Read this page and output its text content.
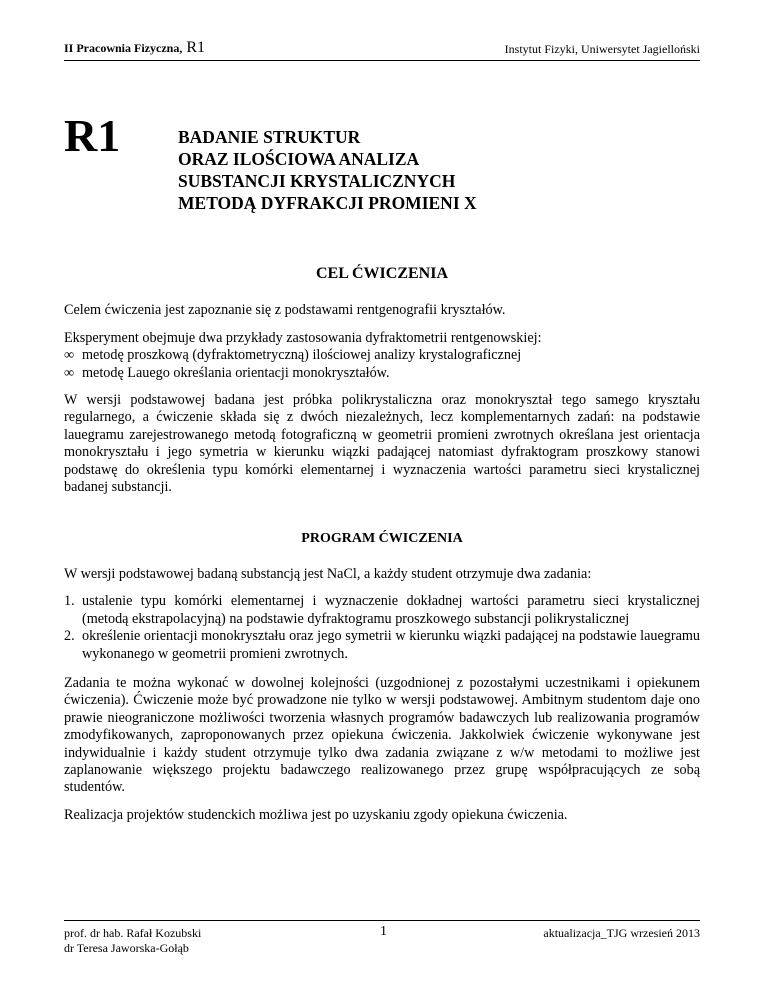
II Pracownia Fizyczna, R1	Instytut Fizyki, Uniwersytet Jagielloński
R1	BADANIE STRUKTUR
ORAZ ILOŚCIOWA ANALIZA
SUBSTANCJI KRYSTALICZNYCH
METODĄ DYFRAKCJI PROMIENI X
CEL ĆWICZENIA

Celem ćwiczenia jest zapoznanie się z podstawami rentgenografii kryształów.

Eksperyment obejmuje dwa przykłady zastosowania dyfraktometrii rentgenowskiej:
∞ metodę proszkową (dyfraktometryczną) ilościowej analizy krystalograficznej
∞ metodę Lauego określania orientacji monokryształów.

W wersji podstawowej badana jest próbka polikrystaliczna oraz monokryształ tego samego kryształu regularnego, a ćwiczenie składa się z dwóch niezależnych, lecz komplementarnych zadań: na podstawie lauegramu zarejestrowanego metodą fotograficzną w geometrii promieni zwrotnych określana jest orientacja monokryształu i jego symetria w kierunku wiązki padającej natomiast dyfraktogram proszkowy stanowi podstawę do określenia typu komórki elementarnej i wyznaczenia wartości parametru sieci krystalicznej badanej substancji.

PROGRAM ĆWICZENIA

W wersji podstawowej badaną substancją jest NaCl, a każdy student otrzymuje dwa zadania:

1. ustalenie typu komórki elementarnej i wyznaczenie dokładnej wartości parametru sieci krystalicznej (metodą ekstrapolacyjną) na podstawie dyfraktogramu proszkowego substancji polikrystalicznej
2. określenie orientacji monokryształu oraz jego symetrii w kierunku wiązki padającej na podstawie lauegramu wykonanego w geometrii promieni zwrotnych.

Zadania te można wykonać w dowolnej kolejności (uzgodnionej z pozostałymi uczestnikami i opiekunem ćwiczenia). Ćwiczenie może być prowadzone nie tylko w wersji podstawowej. Ambitnym studentom daje ono prawie nieograniczone możliwości tworzenia własnych programów badawczych lub realizowania programów zmodyfikowanych, zaproponowanych przez opiekuna ćwiczenia. Jakkolwiek ćwiczenie wykonywane jest indywidualnie i każdy student otrzymuje tylko dwa zadania związane z w/w metodami to możliwe jest zaplanowanie większego projektu badawczego realizowanego przez grupę współpracujących ze sobą studentów.

Realizacja projektów studenckich możliwa jest po uzyskaniu zgody opiekuna ćwiczenia.

prof. dr hab. Rafał Kozubski
dr Teresa Jaworska-Gołąb
1	aktualizacja_TJG wrzesień 2013
